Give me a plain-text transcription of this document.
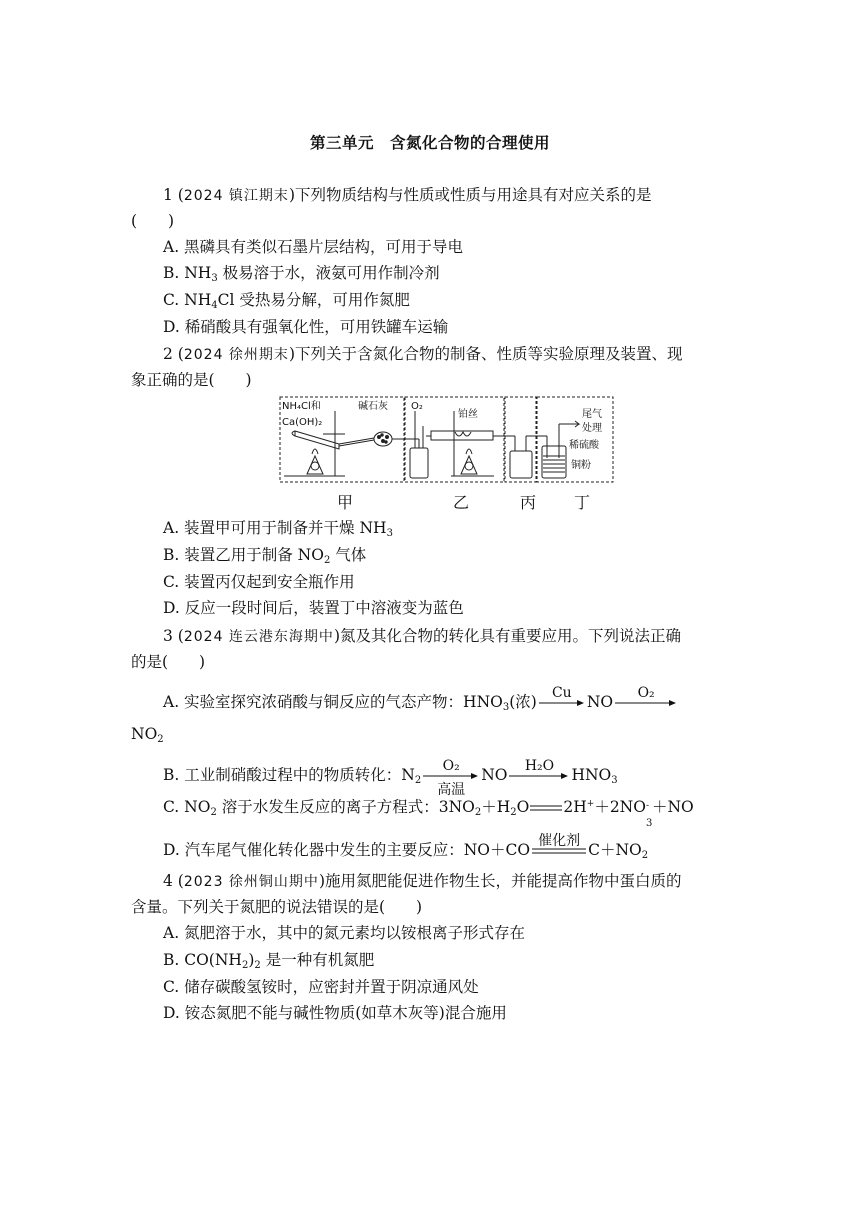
第三单元　含氮化合物的合理使用
1 (2024 镇江期末)下列物质结构与性质或性质与用途具有对应关系的是
(　　)
A. 黑磷具有类似石墨片层结构，可用于导电
B. $NH_3$ 极易溶于水，液氨可用作制冷剂
C. $NH_4Cl$ 受热易分解，可用作氮肥
D. 稀硝酸具有强氧化性，可用铁罐车运输
2 (2024 徐州期末)下列关于含氮化合物的制备、性质等实验原理及装置、现
象正确的是(　　)
NH₄Cl和
Ca(OH)₂
碱石灰 O₂
铂丝	尾气
处理
稀硫酸
铜粉
甲	乙	丙 丁
A. 装置甲可用于制备并干燥 $NH_3$
B. 装置乙用于制备 $NO_2$ 气体
C. 装置丙仅起到安全瓶作用
D. 反应一段时间后，装置丁中溶液变为蓝色
3 (2024 连云港东海期中)氮及其化合物的转化具有重要应用。下列说法正确
的是(　　)
A. 实验室探究浓硝酸与铜反应的气态产物：$HNO_3$(浓)	Cu NO	O₂
$NO_2$
B. 工业制硝酸过程中的物质转化：$N_2$
O₂
高温
NO	H₂O	$HNO_3$
C. $NO_2$ 溶于水发生反应的离子方程式：$3NO_2+H_2O$ 2H+＋2NO -
3
＋NO
D. 汽车尾气催化转化器中发生的主要反应：NO＋CO 催化剂 $C+NO_2$
4 (2023 徐州铜山期中)施用氮肥能促进作物生长，并能提高作物中蛋白质的
含量。下列关于氮肥的说法错误的是(　　)
A. 氮肥溶于水，其中的氮元素均以铵根离子形式存在
B. $CO(NH_2)_2$ 是一种有机氮肥
C. 储存碳酸氢铵时，应密封并置于阴凉通风处
D. 铵态氮肥不能与碱性物质(如草木灰等)混合施用
